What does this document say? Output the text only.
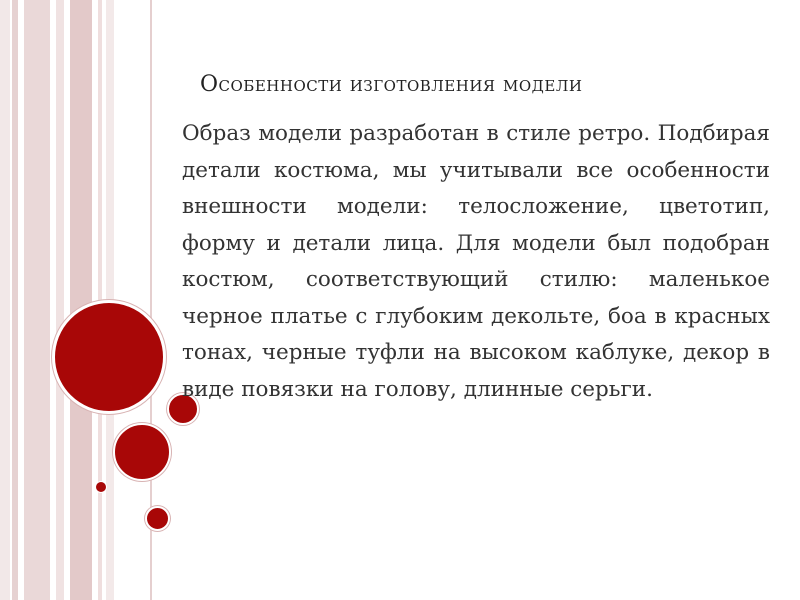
Особенности изготовления модели

Образ модели разработан в стиле ретро. Подбирая детали костюма, мы учитывали все особенности внешности модели: телосложение, цветотип, форму и детали лица. Для модели был подобран костюм, соответствующий стилю: маленькое черное платье с глубоким декольте, боа в красных тонах, черные туфли на высоком каблуке, декор в виде повязки на голову, длинные серьги.
